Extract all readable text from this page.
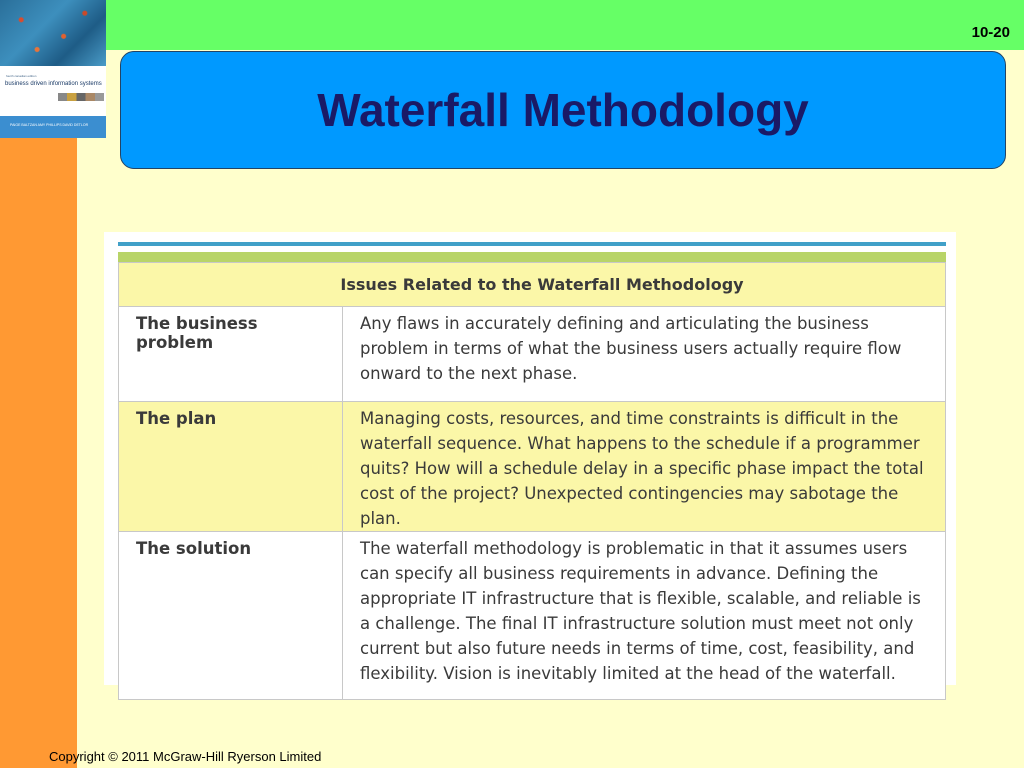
10-20
fourth canadian edition
business driven information systems
PAIGE BALTZAN AMY PHILLIPS DAVID DETLOR	Waterfall Methodology
Issues Related to the Waterfall Methodology	
The business problem	Any flaws in accurately defining and articulating the business problem in terms of what the business users actually require flow onward to the next phase.
The plan	Managing costs, resources, and time constraints is difficult in the waterfall sequence. What happens to the schedule if a programmer quits? How will a schedule delay in a specific phase impact the total cost of the project? Unexpected contingencies may sabotage the plan.
The solution	The waterfall methodology is problematic in that it assumes users can specify all business requirements in advance. Defining the appropriate IT infrastructure that is flexible, scalable, and reliable is a challenge. The final IT infrastructure solution must meet not only current but also future needs in terms of time, cost, feasibility, and flexibility. Vision is inevitably limited at the head of the waterfall.
Copyright © 2011 McGraw-Hill Ryerson Limited
